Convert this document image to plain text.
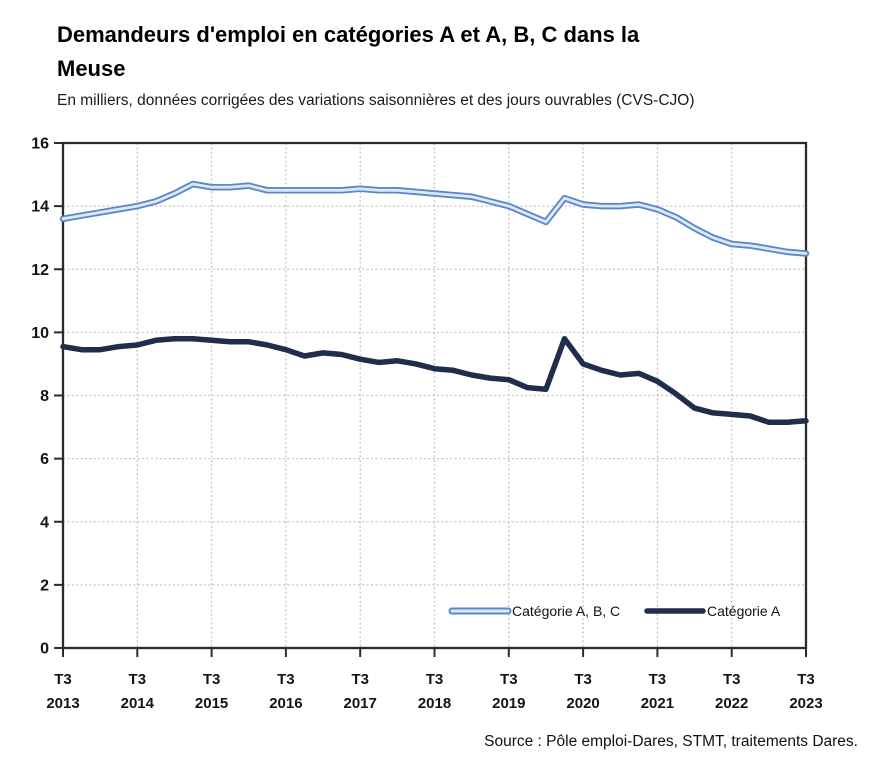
Demandeurs d'emploi en catégories A et A, B, C dans la
Meuse
En milliers, données corrigées des variations saisonnières et des jours ouvrables (CVS-CJO)
0
2
4
6
8
10
12
14
16
T3
2013
T3
2014
T3
2015
T3
2016
T3
2017
T3
2018
T3
2019
T3
2020
T3
2021
T3
2022
T3
2023
Catégorie A, B, C	Catégorie A
Source : Pôle emploi-Dares, STMT, traitements Dares.
